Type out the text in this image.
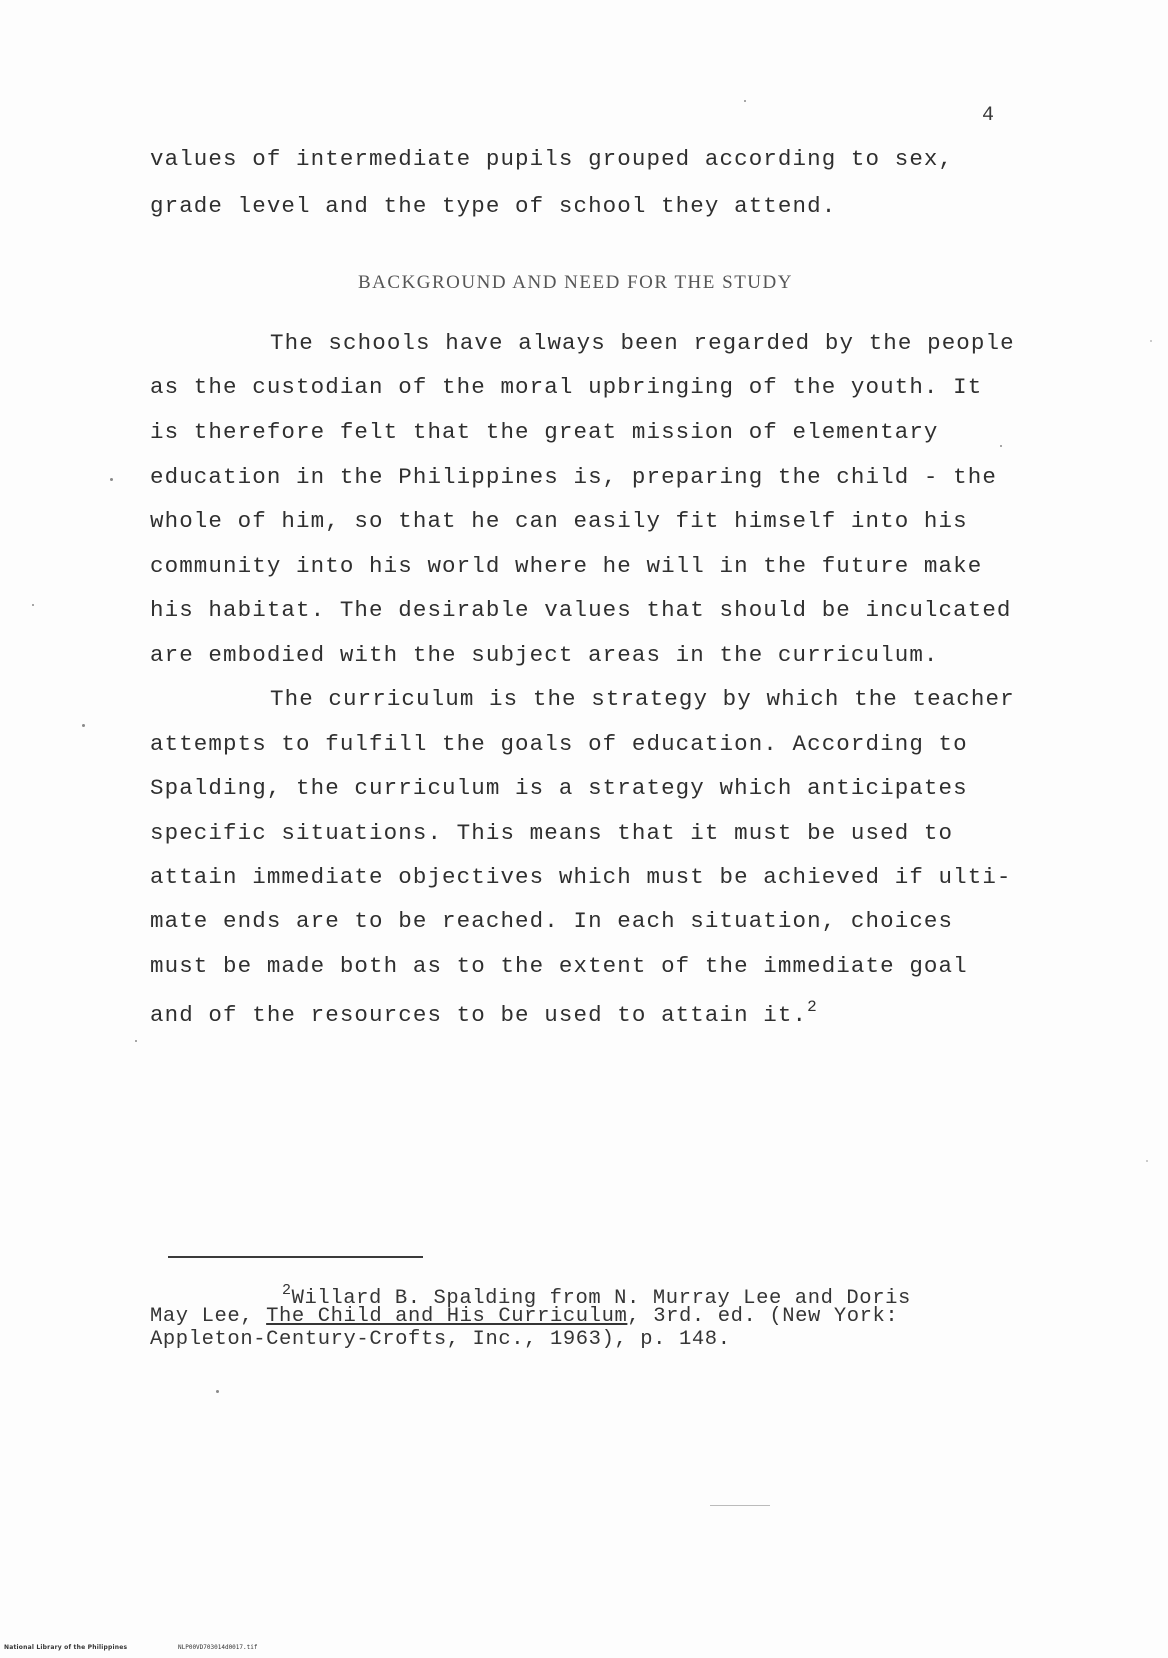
4
values of intermediate pupils grouped according to sex,
grade level and the type of school they attend.
BACKGROUND AND NEED FOR THE STUDY
The schools have always been regarded by the people
as the custodian of the moral upbringing of the youth. It
is therefore felt that the great mission of elementary
education in the Philippines is, preparing the child - the
whole of him, so that he can easily fit himself into his
community into his world where he will in the future make
his habitat. The desirable values that should be inculcated
are embodied with the subject areas in the curriculum.
The curriculum is the strategy by which the teacher
attempts to fulfill the goals of education. According to
Spalding, the curriculum is a strategy which anticipates
specific situations. This means that it must be used to
attain immediate objectives which must be achieved if ulti-
mate ends are to be reached. In each situation, choices
must be made both as to the extent of the immediate goal
and of the resources to be used to attain it.$^2$
$^2$Willard B. Spalding from N. Murray Lee and Doris
May Lee, The Child and His Curriculum, 3rd. ed. (New York:
Appleton-Century-Crofts, Inc., 1963), p. 148.
National Library of the Philippines	NLP00VD703014d0017.tif
